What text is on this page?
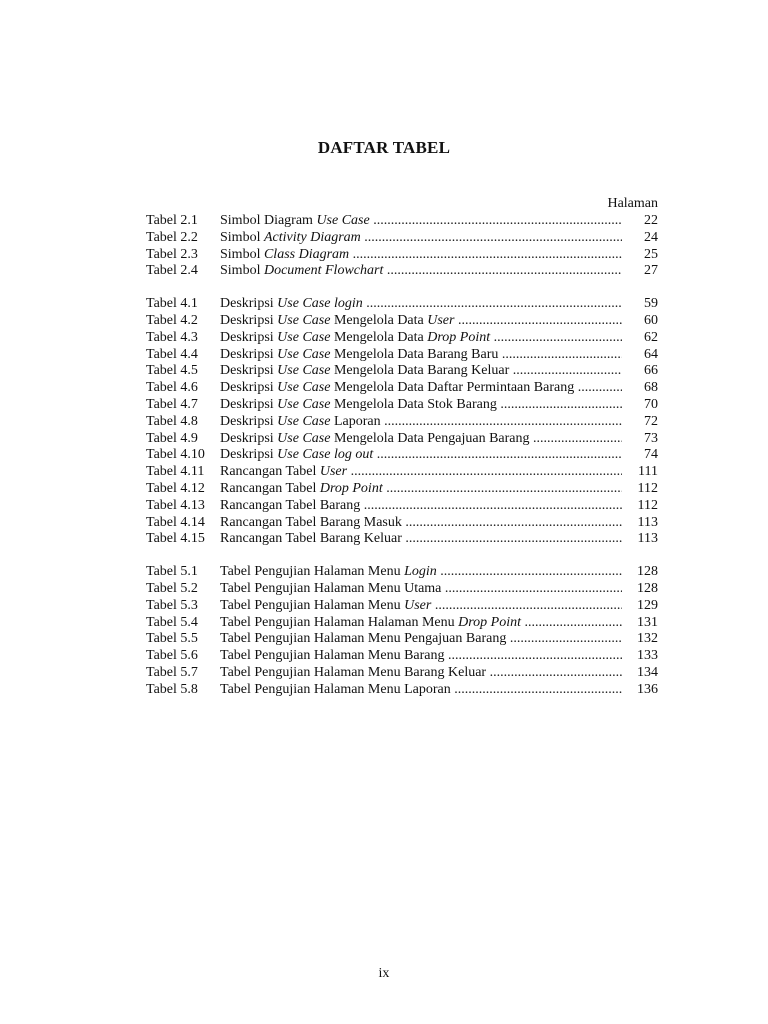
DAFTAR TABEL
Halaman
Tabel 2.1	Simbol Diagram Use Case .....	22
Tabel 2.2	Simbol Activity Diagram .....	24
Tabel 2.3	Simbol Class Diagram .....	25
Tabel 2.4	Simbol Document Flowchart .....	27
Tabel 4.1	Deskripsi Use Case login .....	59
Tabel 4.2	Deskripsi Use Case Mengelola Data User .....	60
Tabel 4.3	Deskripsi Use Case Mengelola Data Drop Point .....	62
Tabel 4.4	Deskripsi Use Case Mengelola Data Barang Baru .....	64
Tabel 4.5	Deskripsi Use Case Mengelola Data Barang Keluar .....	66
Tabel 4.6	Deskripsi Use Case Mengelola Data Daftar Permintaan Barang .....	68
Tabel 4.7	Deskripsi Use Case Mengelola Data Stok Barang .....	70
Tabel 4.8	Deskripsi Use Case Laporan .....	72
Tabel 4.9	Deskripsi Use Case Mengelola Data Pengajuan Barang .....	73
Tabel 4.10	Deskripsi Use Case log out .....	74
Tabel 4.11	Rancangan Tabel User .....	111
Tabel 4.12	Rancangan Tabel Drop Point .....	112
Tabel 4.13	Rancangan Tabel Barang .....	112
Tabel 4.14	Rancangan Tabel Barang Masuk .....	113
Tabel 4.15	Rancangan Tabel Barang Keluar .....	113
Tabel 5.1	Tabel Pengujian Halaman Menu Login .....	128
Tabel 5.2	Tabel Pengujian Halaman Menu Utama .....	128
Tabel 5.3	Tabel Pengujian Halaman Menu User .....	129
Tabel 5.4	Tabel Pengujian Halaman Halaman Menu Drop Point .....	131
Tabel 5.5	Tabel Pengujian Halaman Menu Pengajuan Barang .....	132
Tabel 5.6	Tabel Pengujian Halaman Menu Barang .....	133
Tabel 5.7	Tabel Pengujian Halaman Menu Barang Keluar .....	134
Tabel 5.8	Tabel Pengujian Halaman Menu Laporan .....	136
ix
